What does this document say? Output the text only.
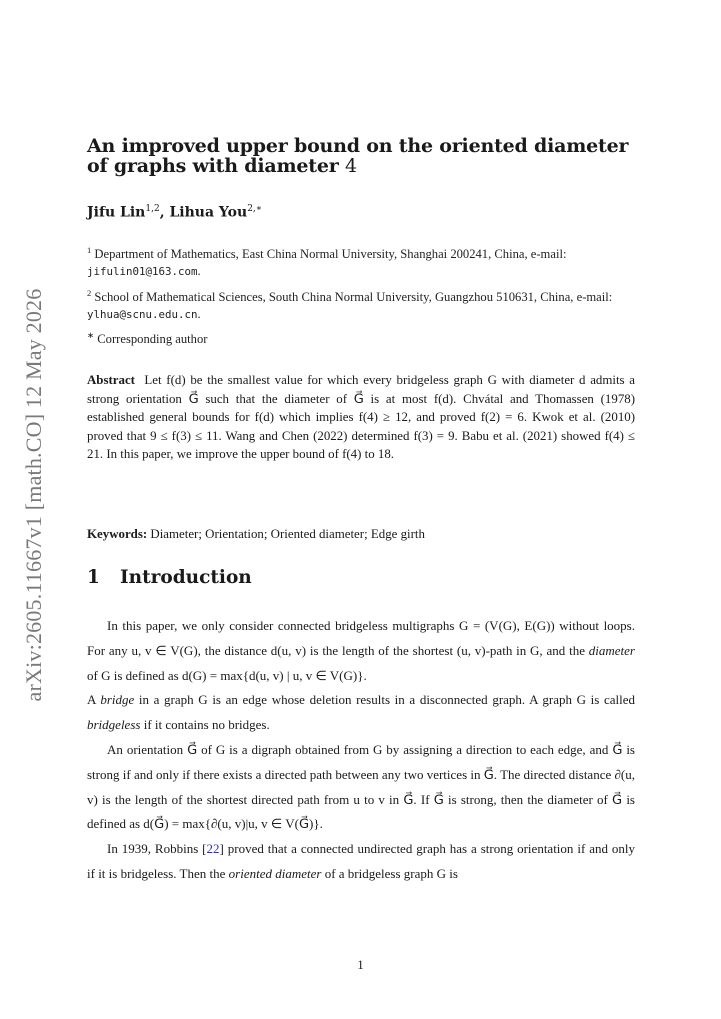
arXiv:2605.11667v1 [math.CO] 12 May 2026
An improved upper bound on the oriented diameter
of graphs with diameter 4
Jifu Lin$^{1,2}$, Lihua You$^{2,∗}$
$^1$ Department of Mathematics, East China Normal University, Shanghai 200241, China, e-mail: jifulin01@163.com.
$^2$ School of Mathematical Sciences, South China Normal University, Guangzhou 510631, China, e-mail: ylhua@scnu.edu.cn.
∗ Corresponding author
Abstract Let f(d) be the smallest value for which every bridgeless graph G with diameter d admits a strong orientation G⃗ such that the diameter of G⃗ is at most f(d). Chvátal and Thomassen (1978) established general bounds for f(d) which implies f(4) ≥ 12, and proved f(2) = 6. Kwok et al. (2010) proved that 9 ≤ f(3) ≤ 11. Wang and Chen (2022) determined f(3) = 9. Babu et al. (2021) showed f(4) ≤ 21. In this paper, we improve the upper bound of f(4) to 18.
Keywords: Diameter; Orientation; Oriented diameter; Edge girth
1 Introduction

In this paper, we only consider connected bridgeless multigraphs G = (V(G), E(G)) without loops. For any u, v ∈ V(G), the distance d(u, v) is the length of the shortest (u, v)-path in G, and the diameter of G is defined as d(G) = max{d(u, v) | u, v ∈ V(G)}.

A bridge in a graph G is an edge whose deletion results in a disconnected graph. A graph G is called bridgeless if it contains no bridges.

An orientation G⃗ of G is a digraph obtained from G by assigning a direction to each edge, and G⃗ is strong if and only if there exists a directed path between any two vertices in G⃗. The directed distance ∂(u, v) is the length of the shortest directed path from u to v in G⃗. If G⃗ is strong, then the diameter of G⃗ is defined as d(G⃗) = max{∂(u, v)|u, v ∈ V(G⃗)}.

In 1939, Robbins [22] proved that a connected undirected graph has a strong orientation if and only if it is bridgeless. Then the oriented diameter of a bridgeless graph G is

1
